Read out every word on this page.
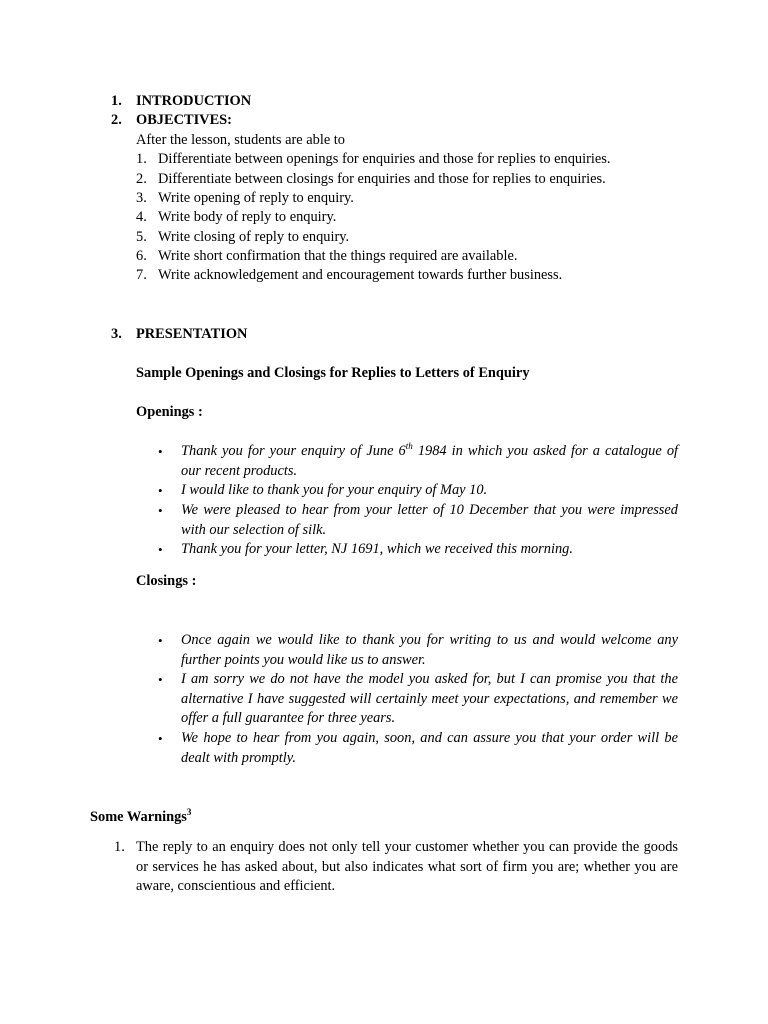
1. INTRODUCTION
2. OBJECTIVES:
After the lesson, students are able to
1. Differentiate between openings for enquiries and those for replies to enquiries.
2. Differentiate between closings for enquiries and those for replies to enquiries.
3. Write opening of reply to enquiry.
4. Write body of reply to enquiry.
5. Write closing of reply to enquiry.
6. Write short confirmation that the things required are available.
7. Write acknowledgement and encouragement towards further business.
3. PRESENTATION
Sample Openings and Closings for Replies to Letters of Enquiry
Openings :
• Thank you for your enquiry of June 6th 1984 in which you asked for a catalogue of our recent products.
• I would like to thank you for your enquiry of May 10.
• We were pleased to hear from your letter of 10 December that you were impressed with our selection of silk.
• Thank you for your letter, NJ 1691, which we received this morning.
Closings :
• Once again we would like to thank you for writing to us and would welcome any further points you would like us to answer.
• I am sorry we do not have the model you asked for, but I can promise you that the alternative I have suggested will certainly meet your expectations, and remember we offer a full guarantee for three years.
• We hope to hear from you again, soon, and can assure you that your order will be dealt with promptly.
Some Warnings$^3$
1. The reply to an enquiry does not only tell your customer whether you can provide the goods or services he has asked about, but also indicates what sort of firm you are; whether you are aware, conscientious and efficient.
